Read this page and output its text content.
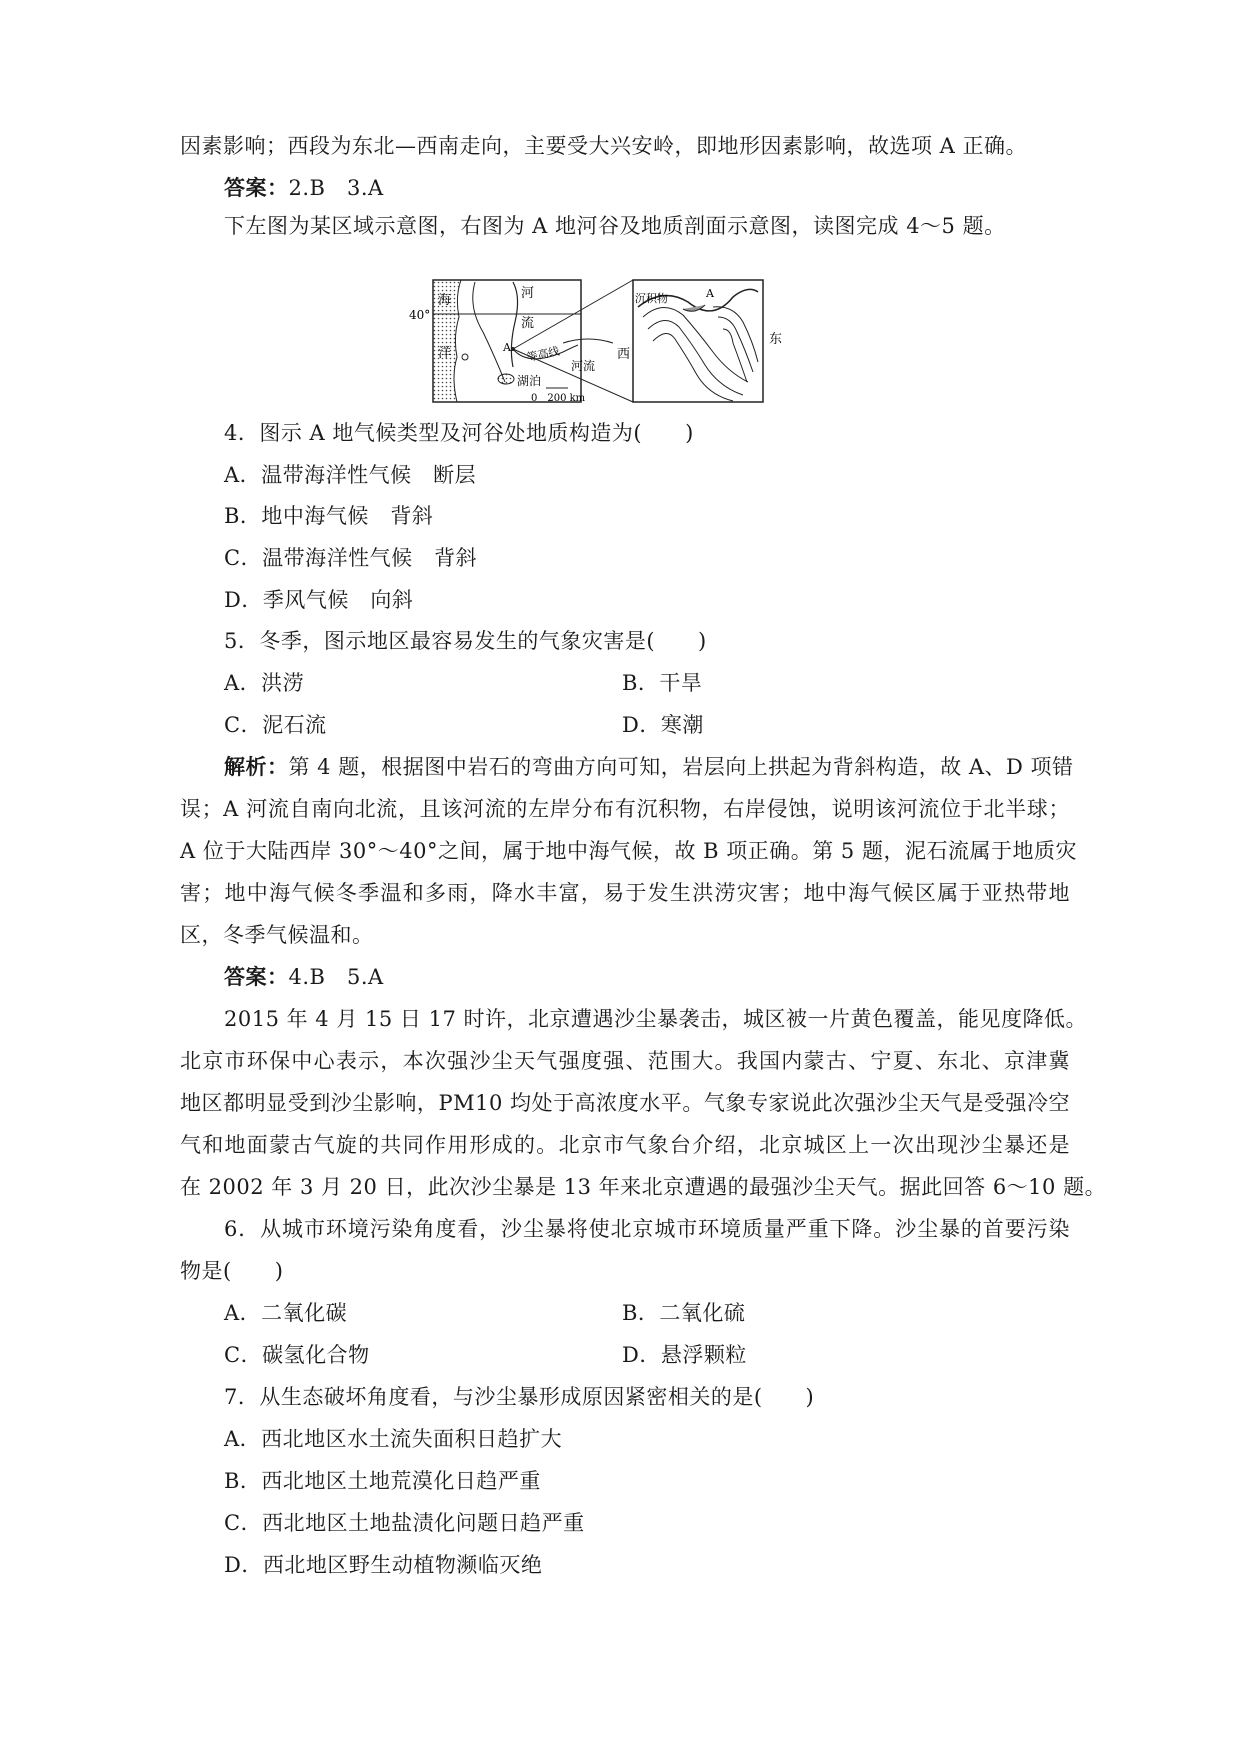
因素影响；西段为东北—西南走向，主要受大兴安岭，即地形因素影响，故选项 A 正确。
答案：2.B　3.A
下左图为某区域示意图，右图为 A 地河谷及地质剖面示意图，读图完成 4～5 题。
40°
海
洋
河
流
A 等高线
湖泊
0　200 km
河流
西
沉积物	A
东
4．图示 A 地气候类型及河谷处地质构造为(　　)
A．温带海洋性气候　断层
B．地中海气候　背斜
C．温带海洋性气候　背斜
D．季风气候　向斜
5．冬季，图示地区最容易发生的气象灾害是(　　)
A．洪涝	B．干旱
C．泥石流	D．寒潮
解析：第 4 题，根据图中岩石的弯曲方向可知，岩层向上拱起为背斜构造，故 A、D 项错
误；A 河流自南向北流，且该河流的左岸分布有沉积物，右岸侵蚀，说明该河流位于北半球；
A 位于大陆西岸 30°～40°之间，属于地中海气候，故 B 项正确。第 5 题，泥石流属于地质灾
害；地中海气候冬季温和多雨，降水丰富，易于发生洪涝灾害；地中海气候区属于亚热带地
区，冬季气候温和。
答案：4.B　5.A
2015 年 4 月 15 日 17 时许，北京遭遇沙尘暴袭击，城区被一片黄色覆盖，能见度降低。
北京市环保中心表示，本次强沙尘天气强度强、范围大。我国内蒙古、宁夏、东北、京津冀
地区都明显受到沙尘影响，PM10 均处于高浓度水平。气象专家说此次强沙尘天气是受强冷空
气和地面蒙古气旋的共同作用形成的。北京市气象台介绍，北京城区上一次出现沙尘暴还是
在 2002 年 3 月 20 日，此次沙尘暴是 13 年来北京遭遇的最强沙尘天气。据此回答 6～10 题。
6．从城市环境污染角度看，沙尘暴将使北京城市环境质量严重下降。沙尘暴的首要污染
物是(　　)
A．二氧化碳	B．二氧化硫
C．碳氢化合物	D．悬浮颗粒
7．从生态破坏角度看，与沙尘暴形成原因紧密相关的是(　　)
A．西北地区水土流失面积日趋扩大
B．西北地区土地荒漠化日趋严重
C．西北地区土地盐渍化问题日趋严重
D．西北地区野生动植物濒临灭绝
